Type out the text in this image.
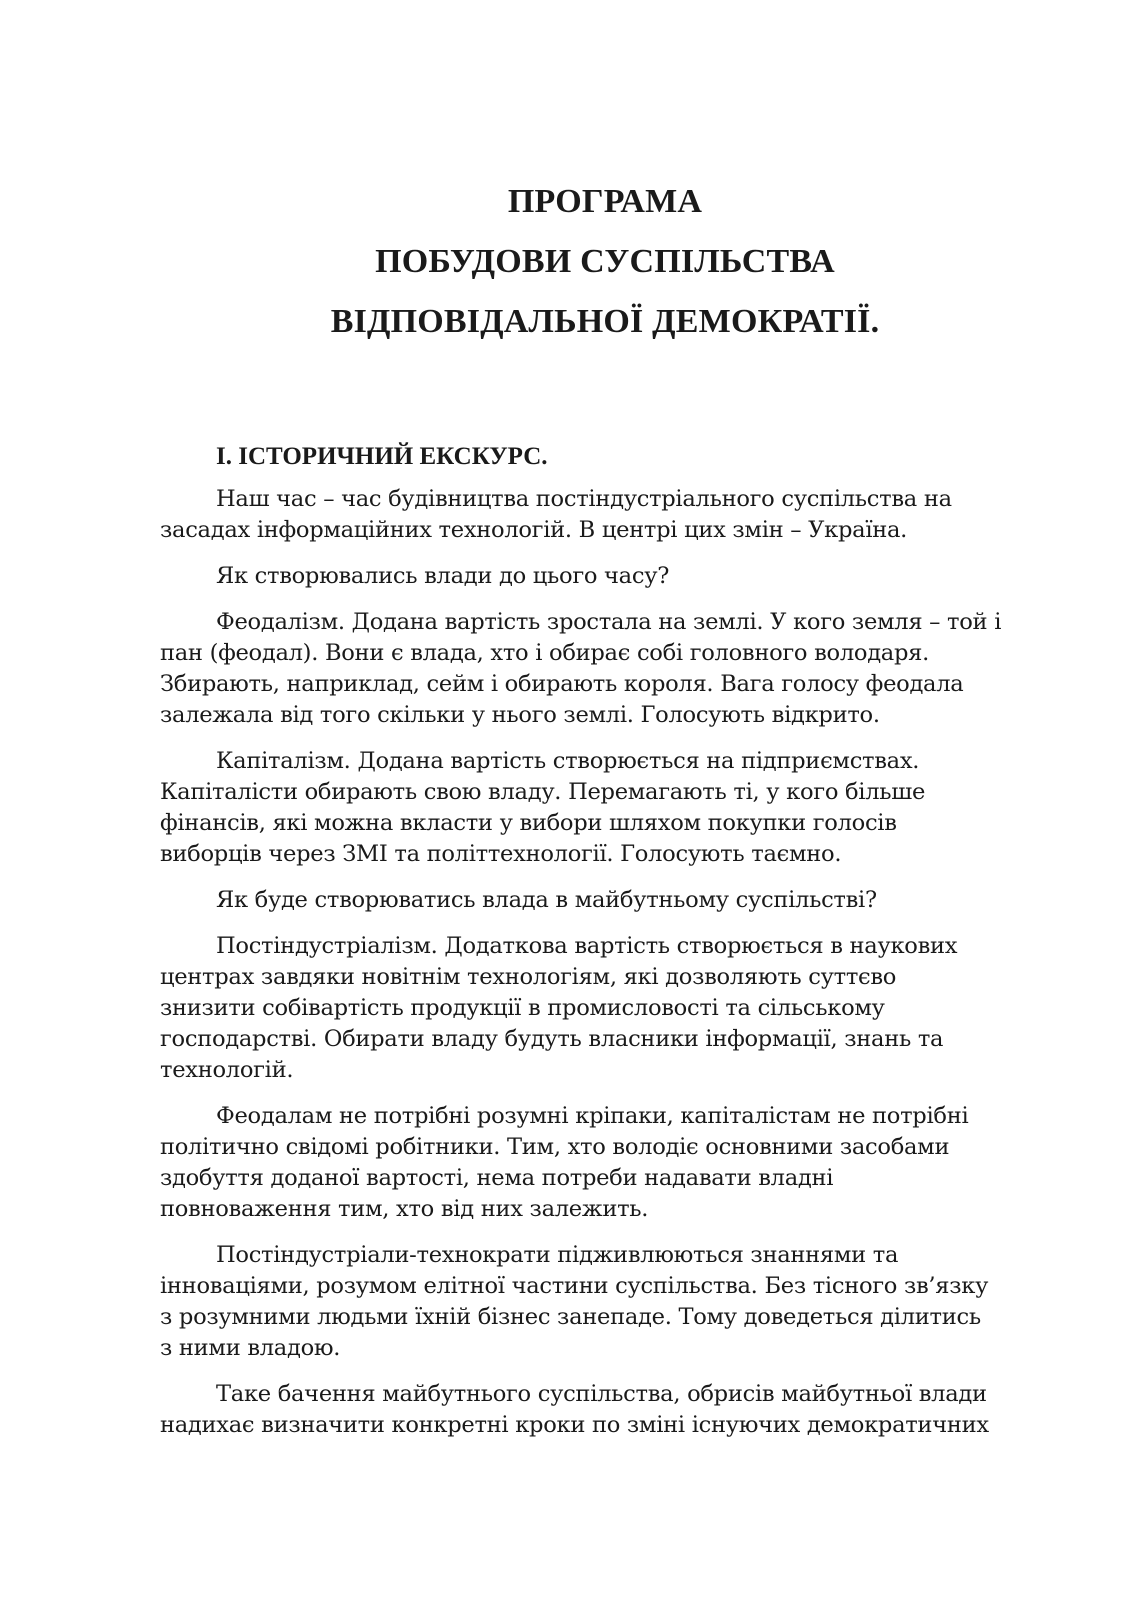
ПРОГРАМА
ПОБУДОВИ СУСПІЛЬСТВА
ВІДПОВІДАЛЬНОЇ ДЕМОКРАТІЇ.
I. ІСТОРИЧНИЙ ЕКСКУРС.

Наш час – час будівництва постіндустріального суспільства на
засадах інформаційних технологій. В центрі цих змін – Україна.

Як створювались влади до цього часу?

Феодалізм. Додана вартість зростала на землі. У кого земля – той і
пан (феодал). Вони є влада, хто і обирає собі головного володаря.
Збирають, наприклад, сейм і обирають короля. Вага голосу феодала
залежала від того скільки у нього землі. Голосують відкрито.

Капіталізм. Додана вартість створюється на підприємствах.
Капіталісти обирають свою владу. Перемагають ті, у кого більше
фінансів, які можна вкласти у вибори шляхом покупки голосів
виборців через ЗМІ та політтехнології. Голосують таємно.

Як буде створюватись влада в майбутньому суспільстві?

Постіндустріалізм. Додаткова вартість створюється в наукових
центрах завдяки новітнім технологіям, які дозволяють суттєво
знизити собівартість продукції в промисловості та сільському
господарстві. Обирати владу будуть власники інформації, знань та
технологій.

Феодалам не потрібні розумні кріпаки, капіталістам не потрібні
політично свідомі робітники. Тим, хто володіє основними засобами
здобуття доданої вартості, нема потреби надавати владні
повноваження тим, хто від них залежить.

Постіндустріали-технократи підживлюються знаннями та
інноваціями, розумом елітної частини суспільства. Без тісного зв’язку
з розумними людьми їхній бізнес занепаде. Тому доведеться ділитись
з ними владою.

Таке бачення майбутнього суспільства, обрисів майбутньої влади
надихає визначити конкретні кроки по зміні існуючих демократичних
